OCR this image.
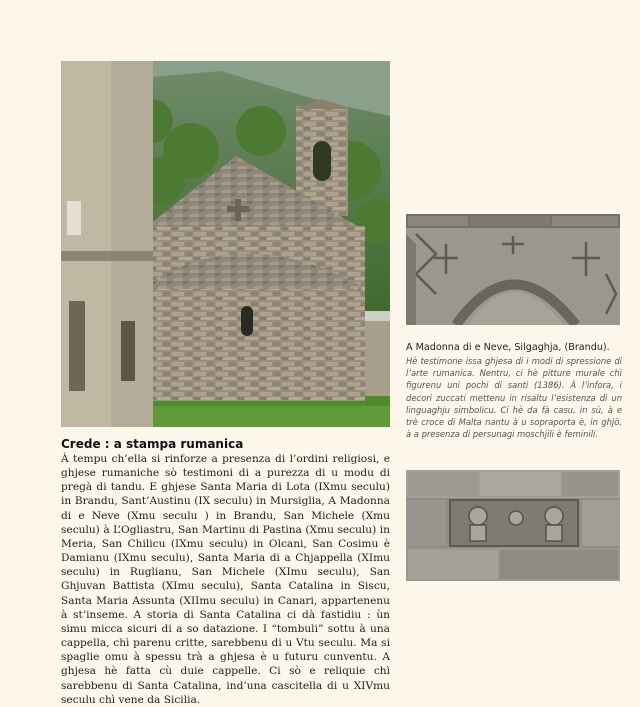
A Madonna di e Neve, Silgaghja, (Brandu).

Hè testimone issa ghjesa di i modi di spressione di l’arte rumanica. Nentru, ci hè pitture murale chì figurenu uni pochi di santi (1386). À l’infora, i decori zuccati mettenu in risaltu l’esistenza di un linguaghju simbolicu. Ci hè da fà casu, in sù, à e trè croce di Malta nantu à u sopraporta è, in ghjò, à a presenza di persunagi moschjili è feminili.

Crede : a stampa rumanica

À tempu ch’ella si rinforze a presenza di l’ordini religiosi, e ghjese rumaniche sò testimoni di a purezza di u modu di pregà di tandu. E ghjese Santa Maria di Lota (IXmu seculu) in Brandu, Sant’Austinu (IX seculu) in Mursiglia, A Madonna di e Neve (Xmu seculu ) in Brandu, San Michele (Xmu seculu) à L’Ogliastru, San Martinu di Pastina (Xmu seculu) in Meria, San Chilicu (IXmu seculu) in Olcani, San Cosimu è Damianu (IXmu seculu), Santa Maria di a Chjappella (XImu seculu) in Ruglianu, San Michele (XImu seculu), San Ghjuvan Battista (XImu seculu), Santa Catalina in Siscu, Santa Maria Assunta (XIImu seculu) in Canari, appartenenu à st’inseme. A storia di Santa Catalina ci dà fastidiu : ùn simu micca sicuri di a so datazione. I “tombuli” sottu à una cappella, chì parenu critte, sarebbenu di u Vtu seculu. Ma si spaglie omu à spessu trà a ghjesa è u futuru cunventu. A ghjesa hè fatta cù duie cappelle. Ci sò e reliquie chì sarebbenu di Santa Catalina, ind’una cascitella di u XIVmu seculu chì vene da Sicilia.
